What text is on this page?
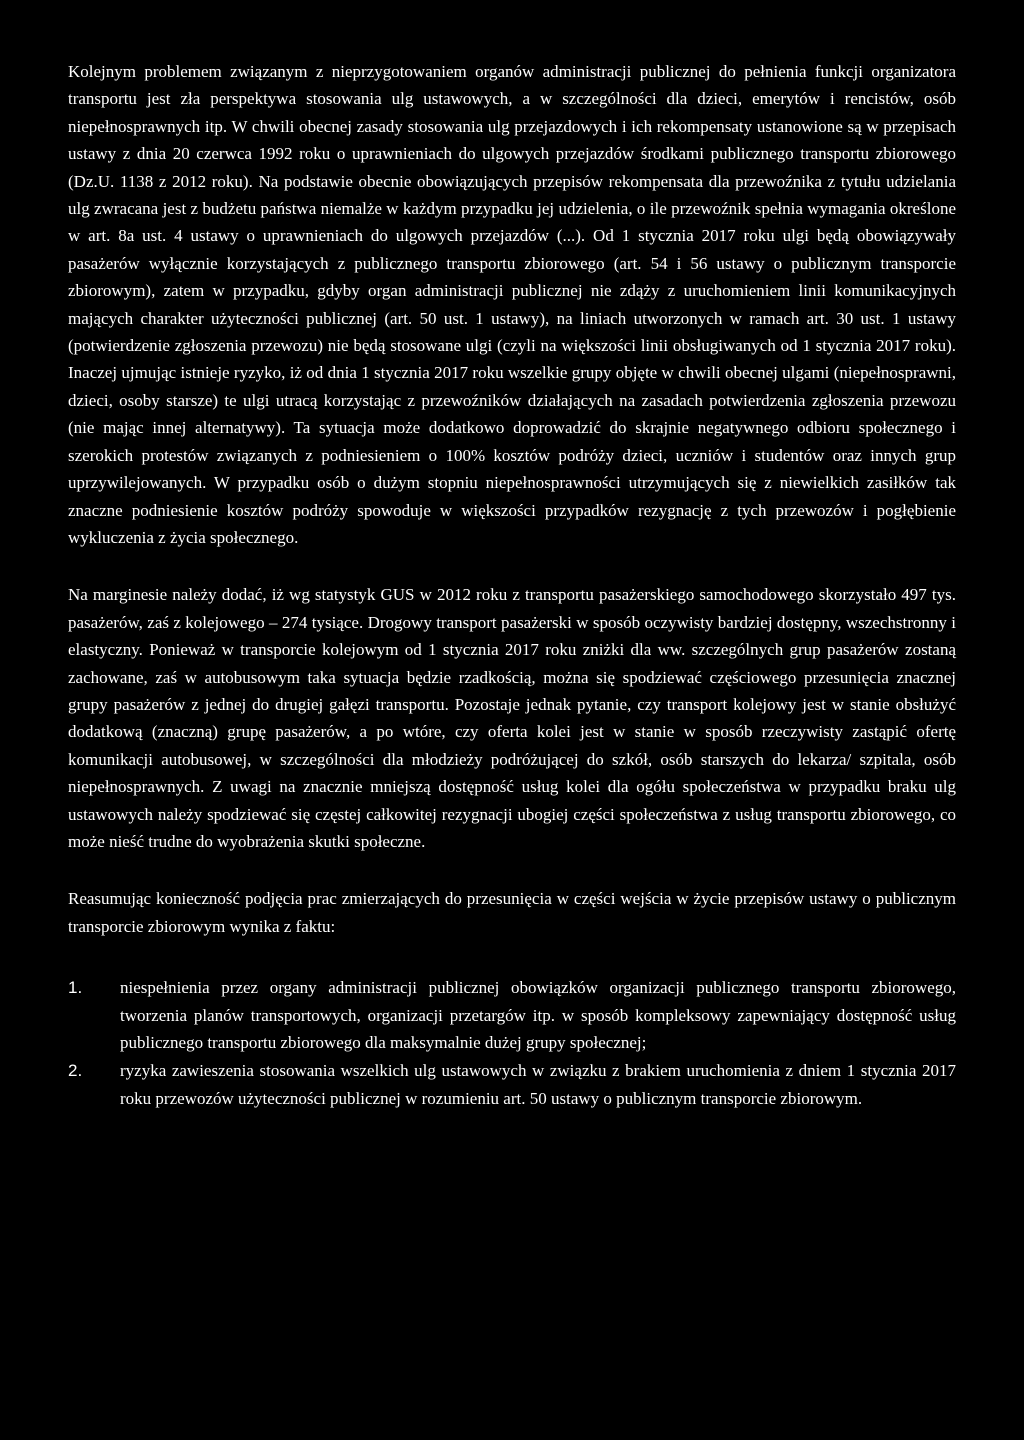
Kolejnym problemem związanym z nieprzygotowaniem organów administracji publicznej do pełnienia funkcji organizatora transportu jest zła perspektywa stosowania ulg ustawowych, a w szczególności dla dzieci, emerytów i rencistów, osób niepełnosprawnych itp. W chwili obecnej zasady stosowania ulg przejazdowych i ich rekompensaty ustanowione są w przepisach ustawy z dnia 20 czerwca 1992 roku o uprawnieniach do ulgowych przejazdów środkami publicznego transportu zbiorowego (Dz.U. 1138 z 2012 roku). Na podstawie obecnie obowiązujących przepisów rekompensata dla przewoźnika z tytułu udzielania ulg zwracana jest z budżetu państwa niemalże w każdym przypadku jej udzielenia, o ile przewoźnik spełnia wymagania określone w art. 8a ust. 4 ustawy o uprawnieniach do ulgowych przejazdów (...). Od 1 stycznia 2017 roku ulgi będą obowiązywały pasażerów wyłącznie korzystających z publicznego transportu zbiorowego (art. 54 i 56 ustawy o publicznym transporcie zbiorowym), zatem w przypadku, gdyby organ administracji publicznej nie zdąży z uruchomieniem linii komunikacyjnych mających charakter użyteczności publicznej (art. 50 ust. 1 ustawy), na liniach utworzonych w ramach art. 30 ust. 1 ustawy (potwierdzenie zgłoszenia przewozu) nie będą stosowane ulgi (czyli na większości linii obsługiwanych od 1 stycznia 2017 roku). Inaczej ujmując istnieje ryzyko, iż od dnia 1 stycznia 2017 roku wszelkie grupy objęte w chwili obecnej ulgami (niepełnosprawni, dzieci, osoby starsze) te ulgi utracą korzystając z przewoźników działających na zasadach potwierdzenia zgłoszenia przewozu (nie mając innej alternatywy). Ta sytuacja może dodatkowo doprowadzić do skrajnie negatywnego odbioru społecznego i szerokich protestów związanych z podniesieniem o 100% kosztów podróży dzieci, uczniów i studentów oraz innych grup uprzywilejowanych. W przypadku osób o dużym stopniu niepełnosprawności utrzymujących się z niewielkich zasiłków tak znaczne podniesienie kosztów podróży spowoduje w większości przypadków rezygnację z tych przewozów i pogłębienie wykluczenia z życia społecznego.

Na marginesie należy dodać, iż wg statystyk GUS w 2012 roku z transportu pasażerskiego samochodowego skorzystało 497 tys. pasażerów, zaś z kolejowego – 274 tysiące. Drogowy transport pasażerski w sposób oczywisty bardziej dostępny, wszechstronny i elastyczny. Ponieważ w transporcie kolejowym od 1 stycznia 2017 roku zniżki dla ww. szczególnych grup pasażerów zostaną zachowane, zaś w autobusowym taka sytuacja będzie rzadkością, można się spodziewać częściowego przesunięcia znacznej grupy pasażerów z jednej do drugiej gałęzi transportu. Pozostaje jednak pytanie, czy transport kolejowy jest w stanie obsłużyć dodatkową (znaczną) grupę pasażerów, a po wtóre, czy oferta kolei jest w stanie w sposób rzeczywisty zastąpić ofertę komunikacji autobusowej, w szczególności dla młodzieży podróżującej do szkół, osób starszych do lekarza/ szpitala, osób niepełnosprawnych. Z uwagi na znacznie mniejszą dostępność usług kolei dla ogółu społeczeństwa w przypadku braku ulg ustawowych należy spodziewać się częstej całkowitej rezygnacji ubogiej części społeczeństwa z usług transportu zbiorowego, co może nieść trudne do wyobrażenia skutki społeczne.

Reasumując konieczność podjęcia prac zmierzających do przesunięcia w części wejścia w życie przepisów ustawy o publicznym transporcie zbiorowym wynika z faktu:

1.	niespełnienia przez organy administracji publicznej obowiązków organizacji publicznego transportu zbiorowego, tworzenia planów transportowych, organizacji przetargów itp. w sposób kompleksowy zapewniający dostępność usług publicznego transportu zbiorowego dla maksymalnie dużej grupy społecznej;
2.	ryzyka zawieszenia stosowania wszelkich ulg ustawowych w związku z brakiem uruchomienia z dniem 1 stycznia 2017 roku przewozów użyteczności publicznej w rozumieniu art. 50 ustawy o publicznym transporcie zbiorowym.
